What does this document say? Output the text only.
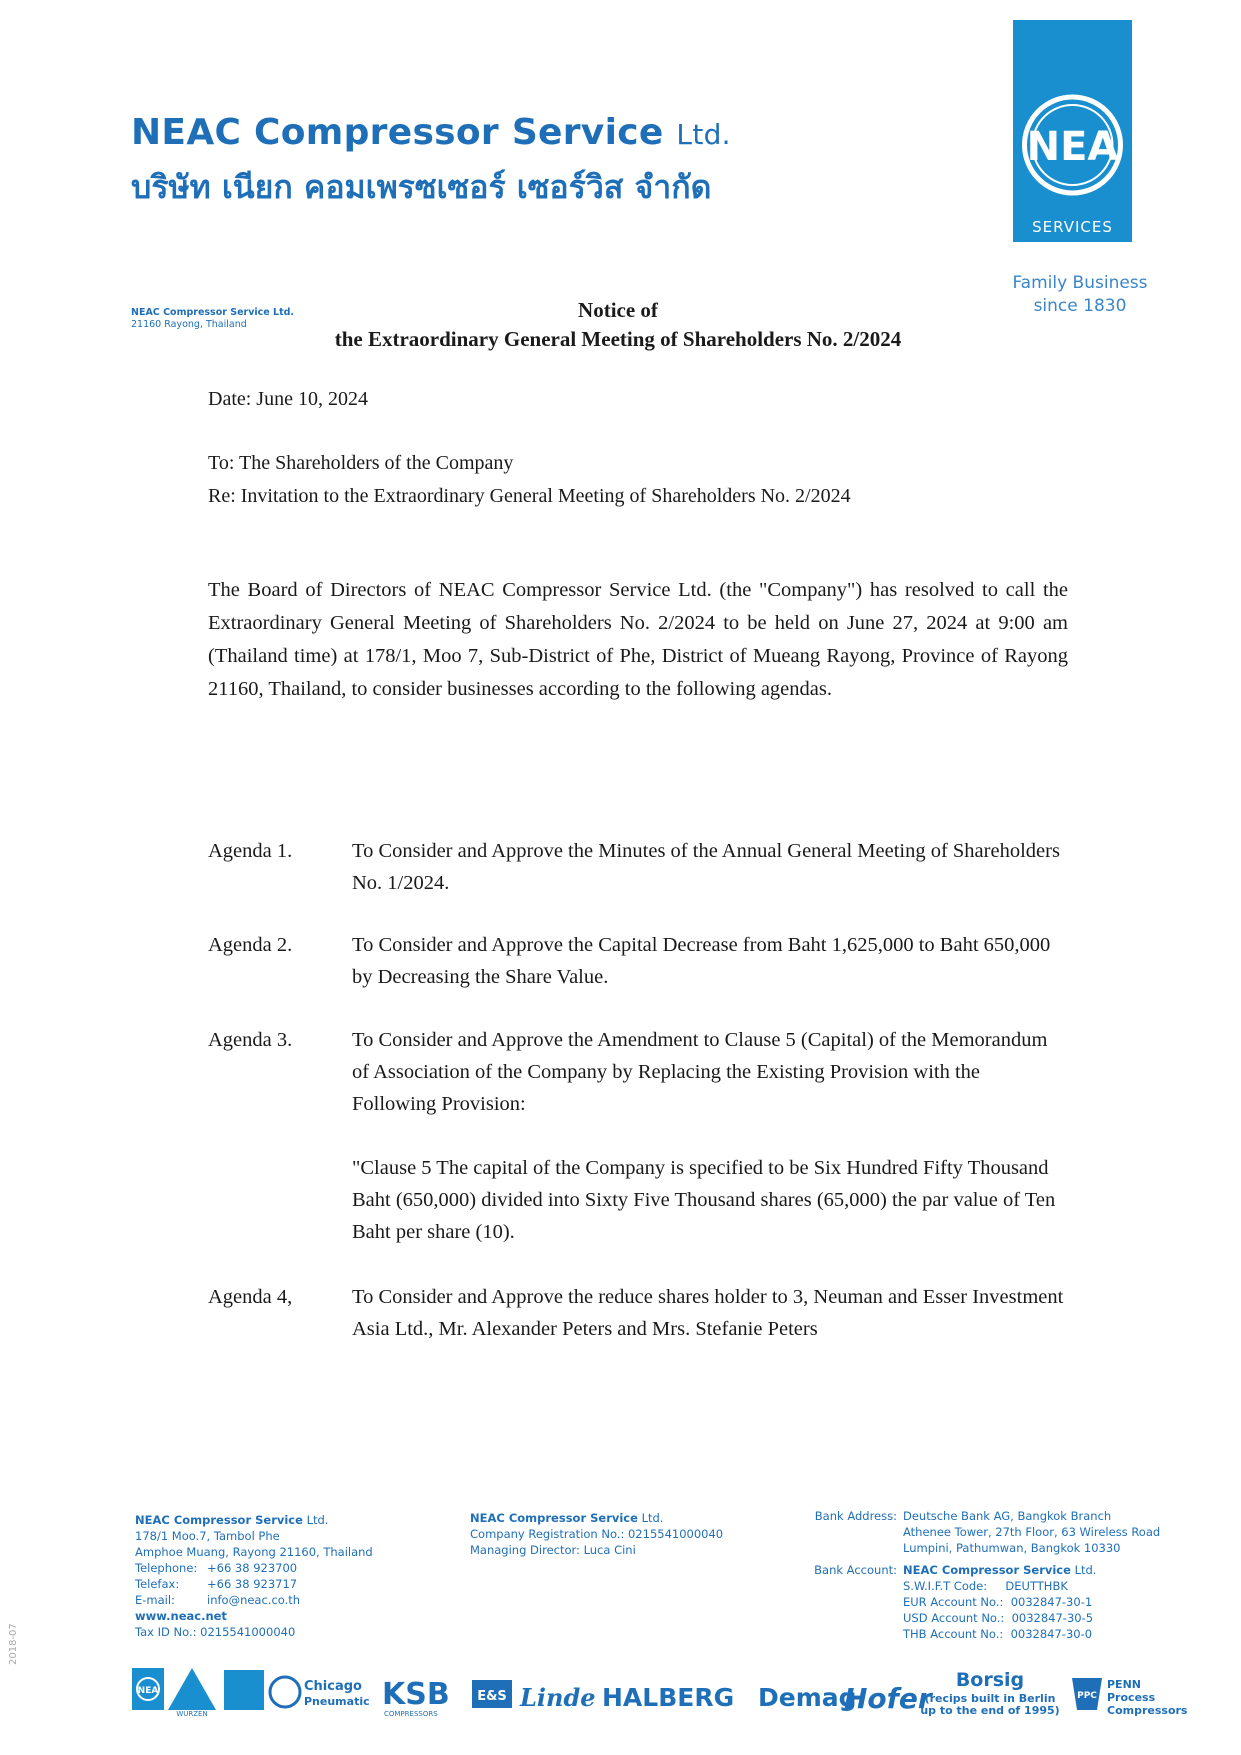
NEAC Compressor Service Ltd.
บริษัท เนียก คอมเพรซเซอร์ เซอร์วิส จำกัด
NEA
SERVICES
Family Business
since 1830
NEAC Compressor Service Ltd.
21160 Rayong, Thailand
Notice of
the Extraordinary General Meeting of Shareholders No. 2/2024
Date: June 10, 2024
To: The Shareholders of the Company
Re: Invitation to the Extraordinary General Meeting of Shareholders No. 2/2024
The Board of Directors of NEAC Compressor Service Ltd. (the "Company") has resolved to call the Extraordinary General Meeting of Shareholders No. 2/2024 to be held on June 27, 2024 at 9:00 am (Thailand time) at 178/1, Moo 7, Sub-District of Phe, District of Mueang Rayong, Province of Rayong 21160, Thailand, to consider businesses according to the following agendas.
Agenda 1.	To Consider and Approve the Minutes of the Annual General Meeting of Shareholders No. 1/2024.
Agenda 2.	To Consider and Approve the Capital Decrease from Baht 1,625,000 to Baht 650,000 by Decreasing the Share Value.
Agenda 3.	To Consider and Approve the Amendment to Clause 5 (Capital) of the Memorandum of Association of the Company by Replacing the Existing Provision with the Following Provision:
"Clause 5 The capital of the Company is specified to be Six Hundred Fifty Thousand Baht (650,000) divided into Sixty Five Thousand shares (65,000) the par value of Ten Baht per share (10).
Agenda 4,	To Consider and Approve the reduce shares holder to 3, Neuman and Esser Investment Asia Ltd., Mr. Alexander Peters and Mrs. Stefanie Peters
NEAC Compressor Service Ltd.
178/1 Moo.7, Tambol Phe
Amphoe Muang, Rayong 21160, Thailand
Telephone: +66 38 923700
Telefax: +66 38 923717
E-mail:	info@neac.co.th
www.neac.net
Tax ID No.: 0215541000040
NEAC Compressor Service Ltd.
Company Registration No.: 0215541000040
Managing Director: Luca Cini
Bank Address: Deutsche Bank AG, Bangkok Branch
Athenee Tower, 27th Floor, 63 Wireless Road
Lumpini, Pathumwan, Bangkok 10330
Bank Account: NEAC Compressor Service Ltd.
S.W.I.F.T Code:     DEUTTHBK
EUR Account No.:  0032847-30-1
USD Account No.:  0032847-30-5
THB Account No.:  0032847-30-0
NEA
WURZEN
Chicago
Pneumatic KSB
COMPRESSORS
E&S Linde HALBERG Demag
Hofer
Borsig
(recips built in Berlin
up to the end of 1995)
PPC
PENN
Process
Compressors
2018-07
